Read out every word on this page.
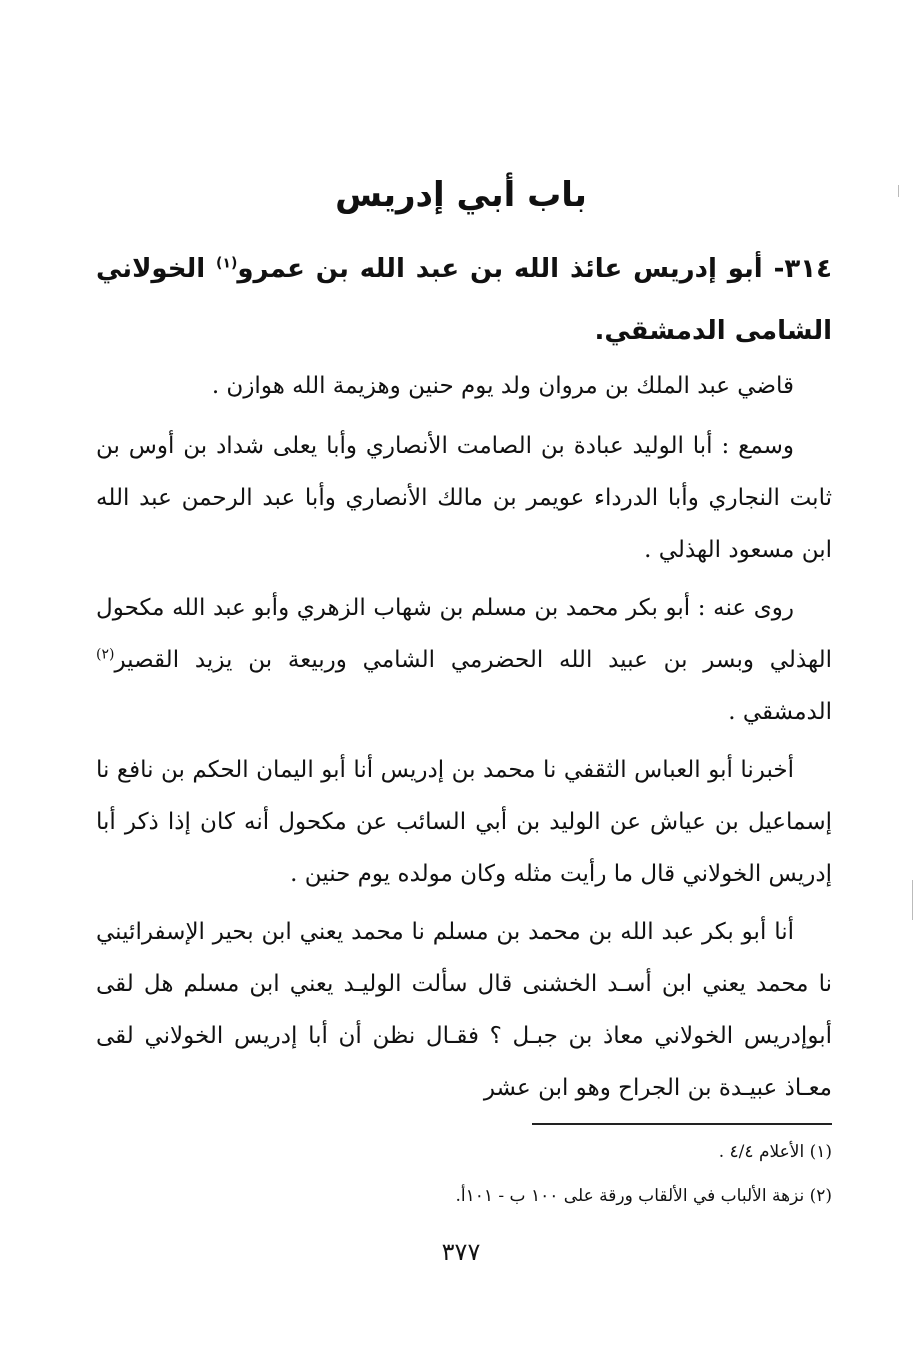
باب أبي إدريس

٣١٤- أبو إدريس عائذ الله بن عبد الله بن عمرو$^{(١)}$ الخولاني الشامى الدمشقي.

قاضي عبد الملك بن مروان ولد يوم حنين وهزيمة الله هوازن .

وسمع : أبا الوليد عبادة بن الصامت الأنصاري وأبا يعلى شداد بن أوس بن ثابت النجاري وأبا الدرداء عويمر بن مالك الأنصاري وأبا عبد الرحمن عبد الله ابن مسعود الهذلي .

روى عنه : أبو بكر محمد بن مسلم بن شهاب الزهري وأبو عبد الله مكحول الهذلي وبسر بن عبيد الله الحضرمي الشامي وربيعة بن يزيد القصير$^{(٢)}$ الدمشقي .

أخبرنا أبو العباس الثقفي نا محمد بن إدريس أنا أبو اليمان الحكم بن نافع نا إسماعيل بن عياش عن الوليد بن أبي السائب عن مكحول أنه كان إذا ذكر أبا إدريس الخولاني قال ما رأيت مثله وكان مولده يوم حنين .

أنا أبو بكر عبد الله بن محمد بن مسلم نا محمد يعني ابن بحير الإسفرائيني نا محمد يعني ابن أسـد الخشنى قال سألت الوليـد يعني ابن مسلم هل لقى أبوإدريس الخولاني معاذ بن جبـل ؟ فقـال نظن أن أبا إدريس الخولاني لقى معـاذ عبيـدة بن الجراح وهو ابن عشر

(١) الأعلام ٤/٤ .
(٢) نزهة الألباب في الألقاب ورقة على ١٠٠ ب - ١٠١أ.
٣٧٧
